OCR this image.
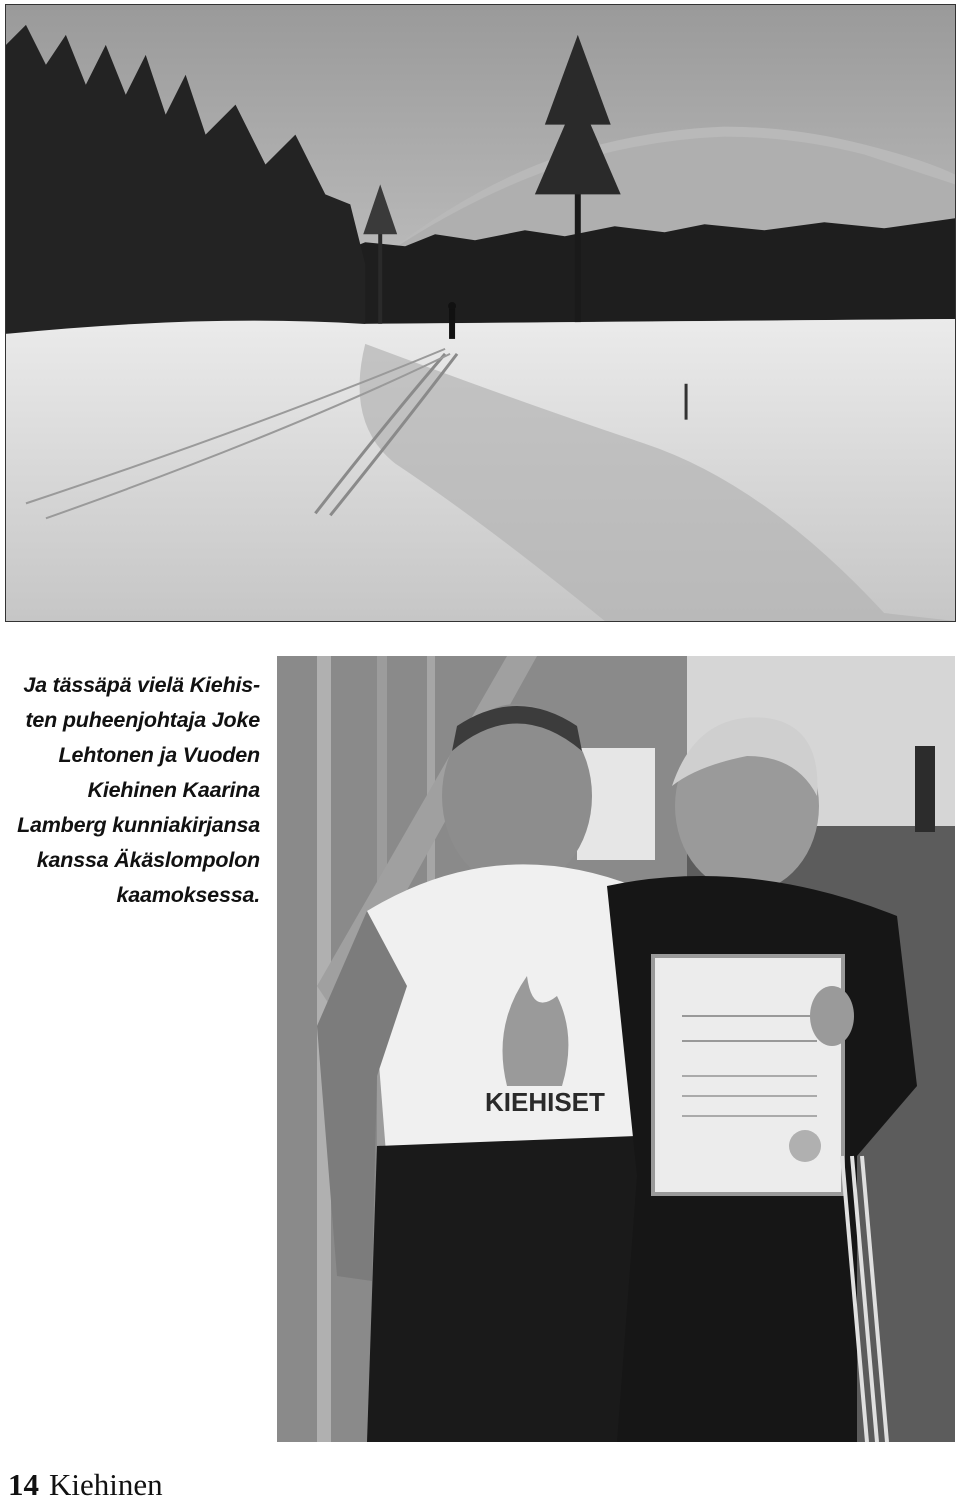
Ja tässäpä vielä Kiehis-
ten puheenjohtaja Joke
Lehtonen ja Vuoden
Kiehinen Kaarina
Lamberg kunniakirjansa
kanssa Äkäslompolon
kaamoksessa.
KIEHISET
14 Kiehinen
